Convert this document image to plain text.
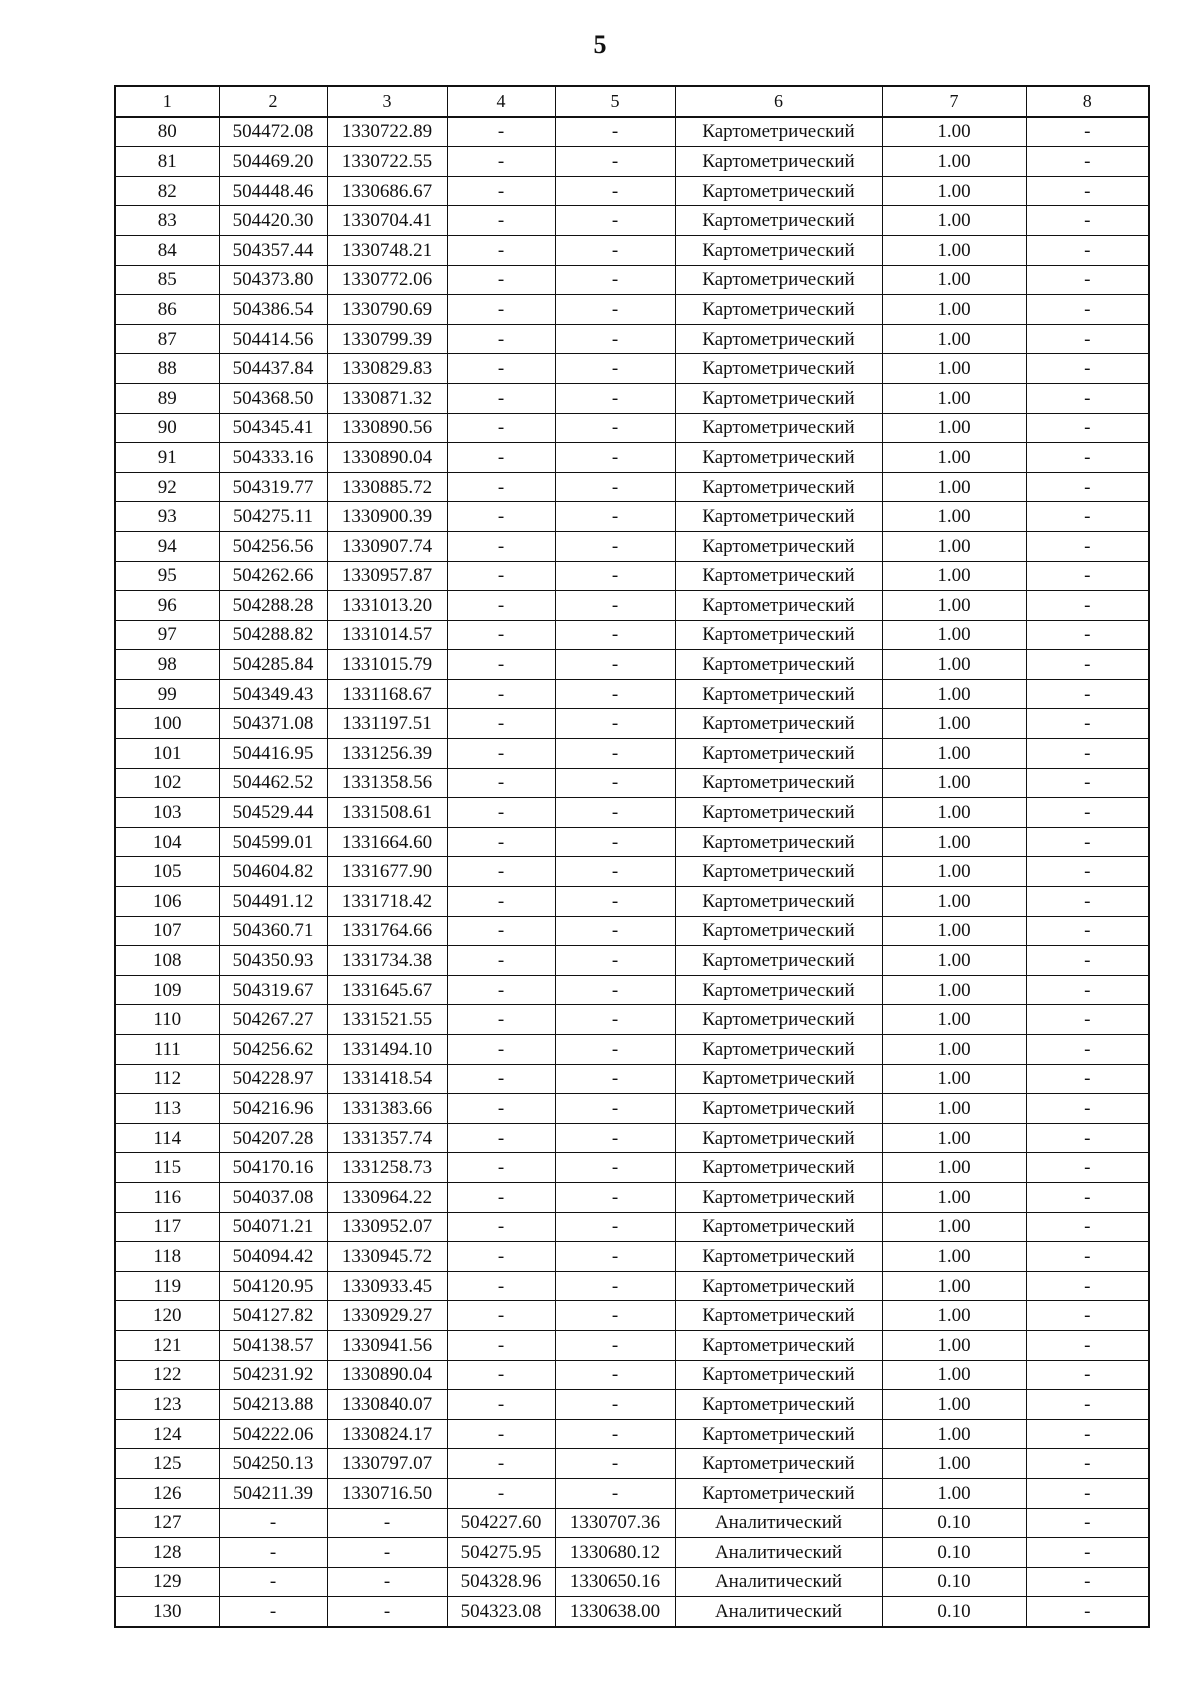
5
1	2	3	4	5	6	7	8
80	504472.08	1330722.89	-	-	Картометрический	1.00	-
81	504469.20	1330722.55	-	-	Картометрический	1.00	-
82	504448.46	1330686.67	-	-	Картометрический	1.00	-
83	504420.30	1330704.41	-	-	Картометрический	1.00	-
84	504357.44	1330748.21	-	-	Картометрический	1.00	-
85	504373.80	1330772.06	-	-	Картометрический	1.00	-
86	504386.54	1330790.69	-	-	Картометрический	1.00	-
87	504414.56	1330799.39	-	-	Картометрический	1.00	-
88	504437.84	1330829.83	-	-	Картометрический	1.00	-
89	504368.50	1330871.32	-	-	Картометрический	1.00	-
90	504345.41	1330890.56	-	-	Картометрический	1.00	-
91	504333.16	1330890.04	-	-	Картометрический	1.00	-
92	504319.77	1330885.72	-	-	Картометрический	1.00	-
93	504275.11	1330900.39	-	-	Картометрический	1.00	-
94	504256.56	1330907.74	-	-	Картометрический	1.00	-
95	504262.66	1330957.87	-	-	Картометрический	1.00	-
96	504288.28	1331013.20	-	-	Картометрический	1.00	-
97	504288.82	1331014.57	-	-	Картометрический	1.00	-
98	504285.84	1331015.79	-	-	Картометрический	1.00	-
99	504349.43	1331168.67	-	-	Картометрический	1.00	-
100	504371.08	1331197.51	-	-	Картометрический	1.00	-
101	504416.95	1331256.39	-	-	Картометрический	1.00	-
102	504462.52	1331358.56	-	-	Картометрический	1.00	-
103	504529.44	1331508.61	-	-	Картометрический	1.00	-
104	504599.01	1331664.60	-	-	Картометрический	1.00	-
105	504604.82	1331677.90	-	-	Картометрический	1.00	-
106	504491.12	1331718.42	-	-	Картометрический	1.00	-
107	504360.71	1331764.66	-	-	Картометрический	1.00	-
108	504350.93	1331734.38	-	-	Картометрический	1.00	-
109	504319.67	1331645.67	-	-	Картометрический	1.00	-
110	504267.27	1331521.55	-	-	Картометрический	1.00	-
111	504256.62	1331494.10	-	-	Картометрический	1.00	-
112	504228.97	1331418.54	-	-	Картометрический	1.00	-
113	504216.96	1331383.66	-	-	Картометрический	1.00	-
114	504207.28	1331357.74	-	-	Картометрический	1.00	-
115	504170.16	1331258.73	-	-	Картометрический	1.00	-
116	504037.08	1330964.22	-	-	Картометрический	1.00	-
117	504071.21	1330952.07	-	-	Картометрический	1.00	-
118	504094.42	1330945.72	-	-	Картометрический	1.00	-
119	504120.95	1330933.45	-	-	Картометрический	1.00	-
120	504127.82	1330929.27	-	-	Картометрический	1.00	-
121	504138.57	1330941.56	-	-	Картометрический	1.00	-
122	504231.92	1330890.04	-	-	Картометрический	1.00	-
123	504213.88	1330840.07	-	-	Картометрический	1.00	-
124	504222.06	1330824.17	-	-	Картометрический	1.00	-
125	504250.13	1330797.07	-	-	Картометрический	1.00	-
126	504211.39	1330716.50	-	-	Картометрический	1.00	-
127	-	-	504227.60	1330707.36	Аналитический	0.10	-
128	-	-	504275.95	1330680.12	Аналитический	0.10	-
129	-	-	504328.96	1330650.16	Аналитический	0.10	-
130	-	-	504323.08	1330638.00	Аналитический	0.10	-
